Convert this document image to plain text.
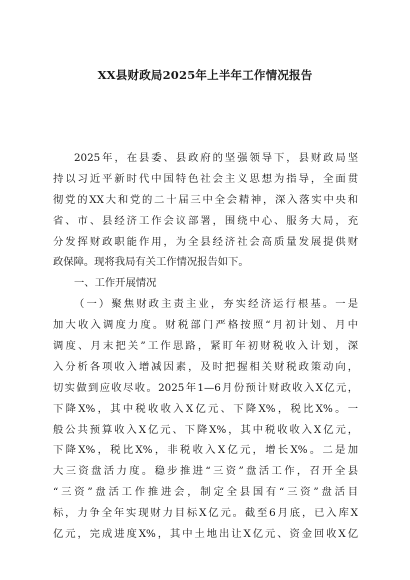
XX县财政局2025年上半年工作情况报告
2025年，在县委、县政府的坚强领导下，县财政局坚
持以习近平新时代中国特色社会主义思想为指导，全面贯
彻党的XX大和党的二十届三中全会精神，深入落实中央和
省、市、县经济工作会议部署，围绕中心、服务大局，充
分发挥财政职能作用，为全县经济社会高质量发展提供财
政保障。现将我局有关工作情况报告如下。
一、工作开展情况
（一）聚焦财政主责主业，夯实经济运行根基。一是
加大收入调度力度。财税部门严格按照“月初计划、月中
调度、月末把关”工作思路，紧盯年初财税收入计划，深
入分析各项收入增减因素，及时把握相关财税政策动向，
切实做到应收尽收。2025年1—6月份预计财政收入X亿元，
下降X%，其中税收收入X亿元、下降X%，税比X%。一
般公共预算收入X亿元、下降X%，其中税收收入X亿元，
下降X%，税比X%，非税收入X亿元，增长X%。二是加
大三资盘活力度。稳步推进“三资”盘活工作，召开全县
“三资”盘活工作推进会，制定全县国有“三资”盘活目
标，力争全年实现财力目标X亿元。截至6月底，已入库X
亿元，完成进度X%，其中土地出让X亿元、资金回收X亿
